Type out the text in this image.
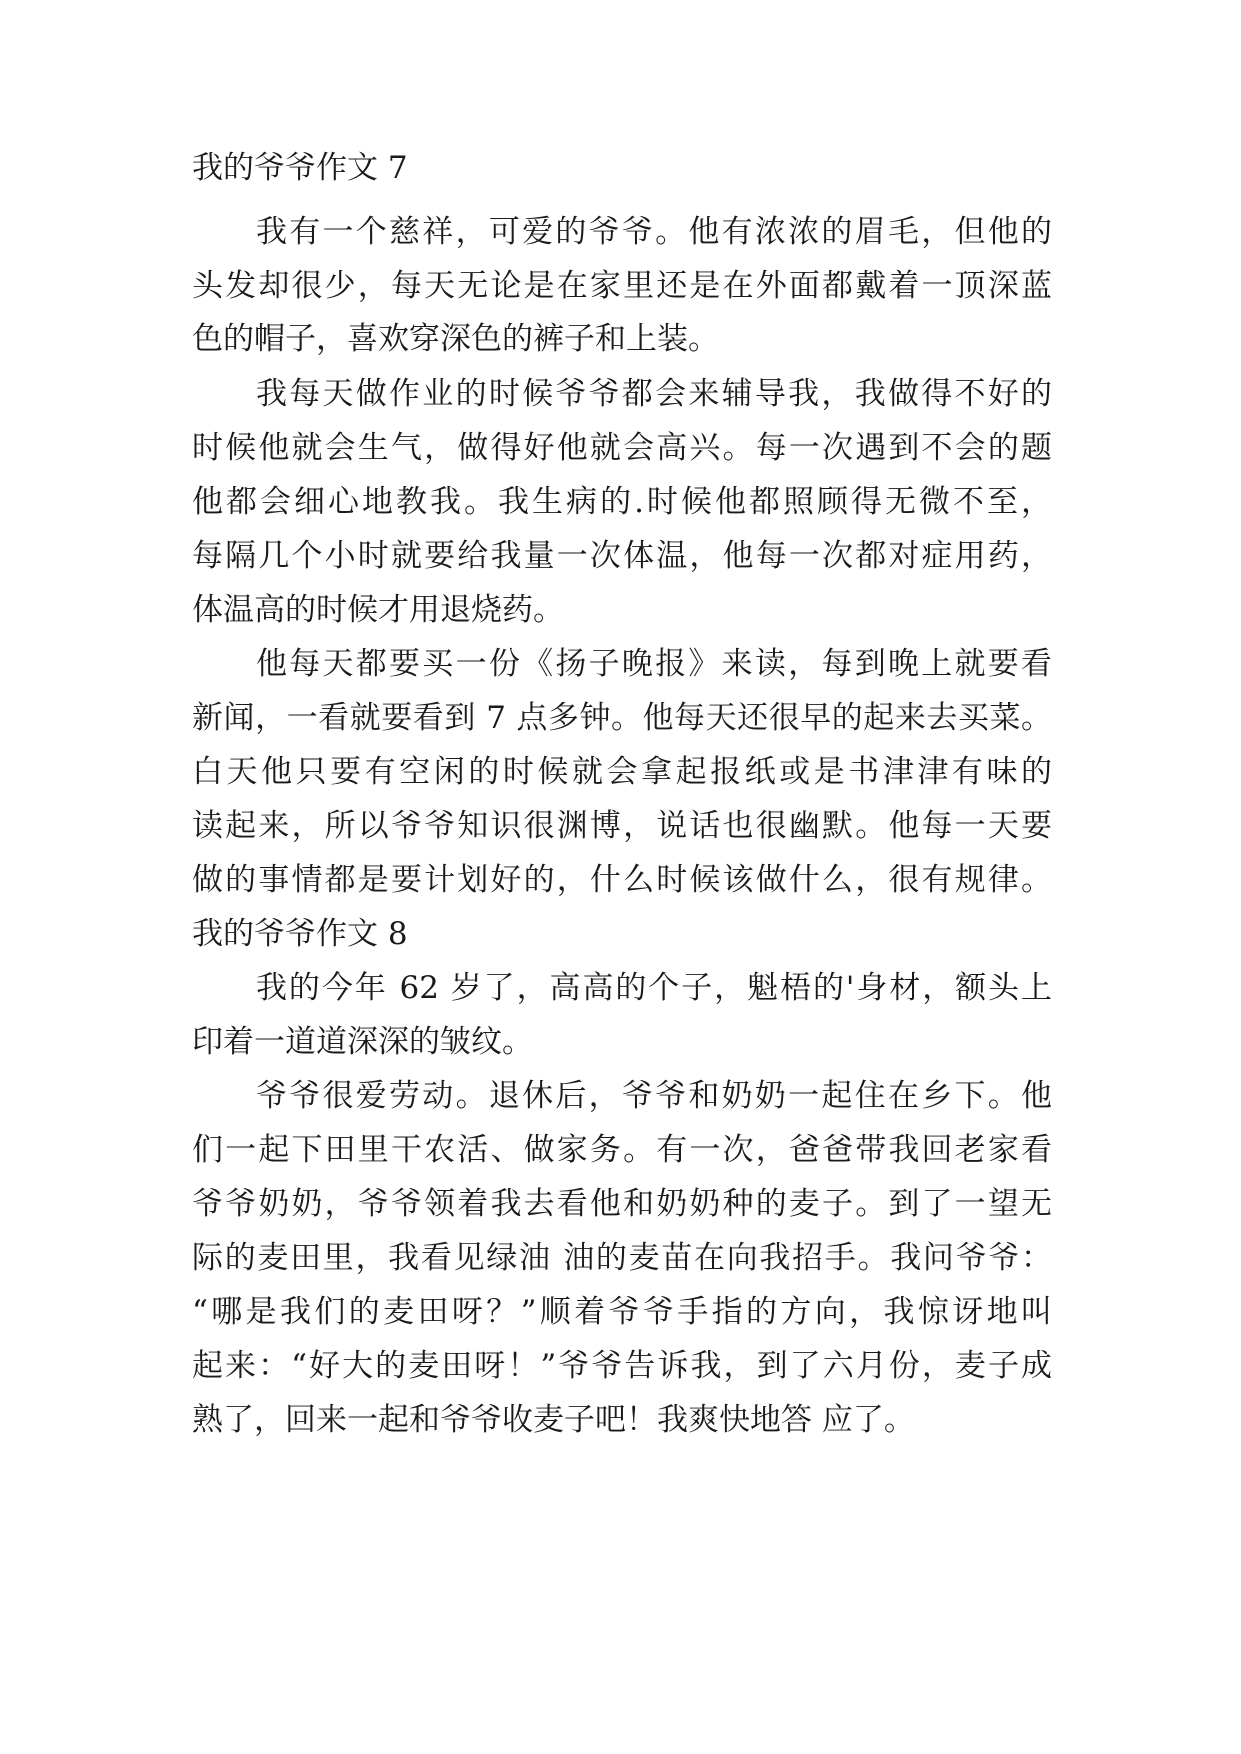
我的爷爷作文 7
我有一个慈祥，可爱的爷爷。他有浓浓的眉毛，但他的
头发却很少，每天无论是在家里还是在外面都戴着一顶深蓝
色的帽子，喜欢穿深色的裤子和上装。
我每天做作业的时候爷爷都会来辅导我，我做得不好的
时候他就会生气，做得好他就会高兴。每一次遇到不会的题
他都会细心地教我。我生病的.时候他都照顾得无微不至，
每隔几个小时就要给我量一次体温，他每一次都对症用药，
体温高的时候才用退烧药。
他每天都要买一份《扬子晚报》来读，每到晚上就要看
新闻，一看就要看到 7 点多钟。他每天还很早的起来去买菜。
白天他只要有空闲的时候就会拿起报纸或是书津津有味的
读起来，所以爷爷知识很渊博，说话也很幽默。他每一天要
做的事情都是要计划好的，什么时候该做什么，很有规律。
我的爷爷作文 8
我的今年 62 岁了，高高的个子，魁梧的'身材，额头上
印着一道道深深的皱纹。
爷爷很爱劳动。退休后，爷爷和奶奶一起住在乡下。他
们一起下田里干农活、做家务。有一次，爸爸带我回老家看
爷爷奶奶，爷爷领着我去看他和奶奶种的麦子。到了一望无
际的麦田里，我看见绿油 油的麦苗在向我招手。我问爷爷：
“哪是我们的麦田呀？”顺着爷爷手指的方向，我惊讶地叫
起来：“好大的麦田呀！”爷爷告诉我，到了六月份，麦子成
熟了，回来一起和爷爷收麦子吧！我爽快地答 应了。
